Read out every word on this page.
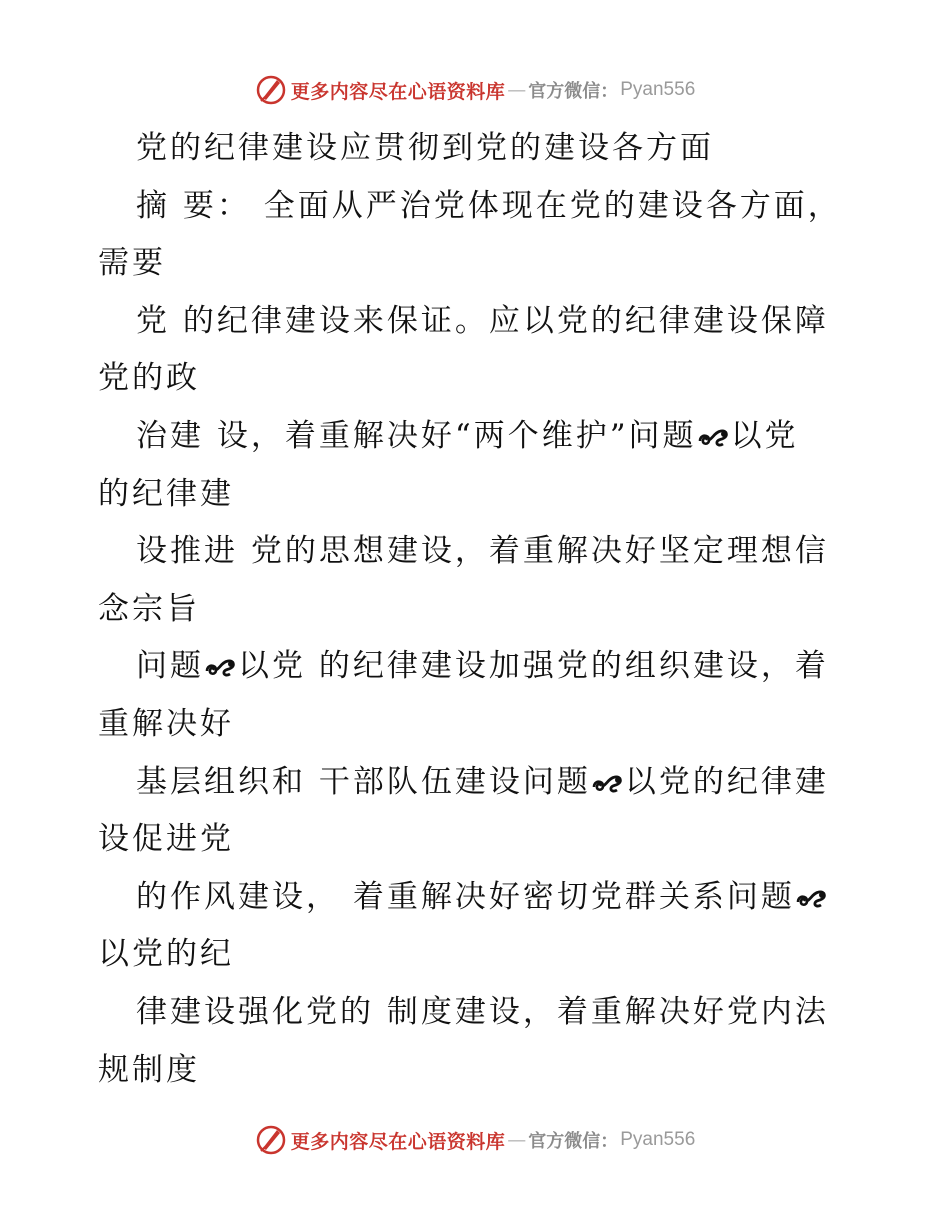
更多内容尽在心语资料库 — 官方微信： Pyan556
党的纪律建设应贯彻到党的建设各方面
摘 要： 全面从严治党体现在党的建设各方面，
需要
党 的纪律建设来保证。应以党的纪律建设保障
党的政
治建 设，着重解决好“两个维护”问题 以党
的纪律建
设推进 党的思想建设，着重解决好坚定理想信
念宗旨
问题 以党 的纪律建设加强党的组织建设，着
重解决好
基层组织和 干部队伍建设问题 以党的纪律建
设促进党
的作风建设， 着重解决好密切党群关系问题
以党的纪
律建设强化党的 制度建设，着重解决好党内法
规制度
更多内容尽在心语资料库 — 官方微信： Pyan556
